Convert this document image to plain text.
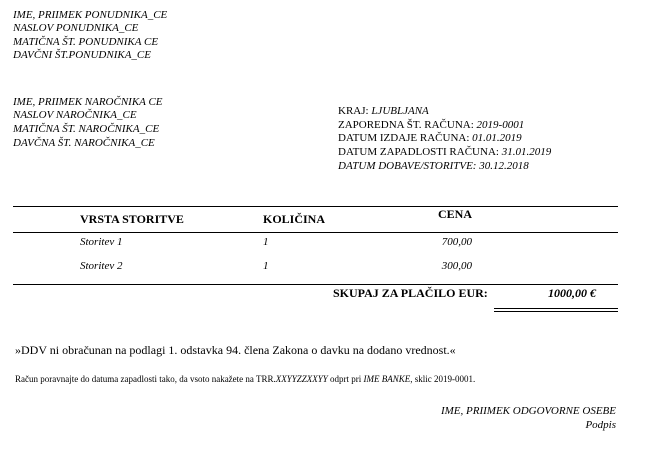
IME, PRIIMEK PONUDNIKA_CE
NASLOV PONUDNIKA_CE
MATIČNA ŠT. PONUDNIKA CE
DAVČNI ŠT.PONUDNIKA_CE
IME, PRIIMEK NAROČNIKA CE
NASLOV NAROČNIKA_CE
MATIČNA ŠT. NAROČNIKA_CE
DAVČNA ŠT. NAROČNIKA_CE
KRAJ: LJUBLJANA
ZAPOREDNA ŠT. RAČUNA: 2019-0001
DATUM IZDAJE RAČUNA: 01.01.2019
DATUM ZAPADLOSTI RAČUNA: 31.01.2019
DATUM DOBAVE/STORITVE: 30.12.2018
VRSTA STORITVE	KOLIČINA	CENA
Storitev 1	1	700,00
Storitev 2	1	300,00
SKUPAJ ZA PLAČILO EUR:	1000,00 €
»DDV ni obračunan na podlagi 1. odstavka 94. člena Zakona o davku na dodano vrednost.«
Račun poravnajte do datuma zapadlosti tako, da vsoto nakažete na TRR.XXYYZZXXYY odprt pri IME BANKE, sklic 2019-0001.
IME, PRIIMEK ODGOVORNE OSEBE
Podpis
